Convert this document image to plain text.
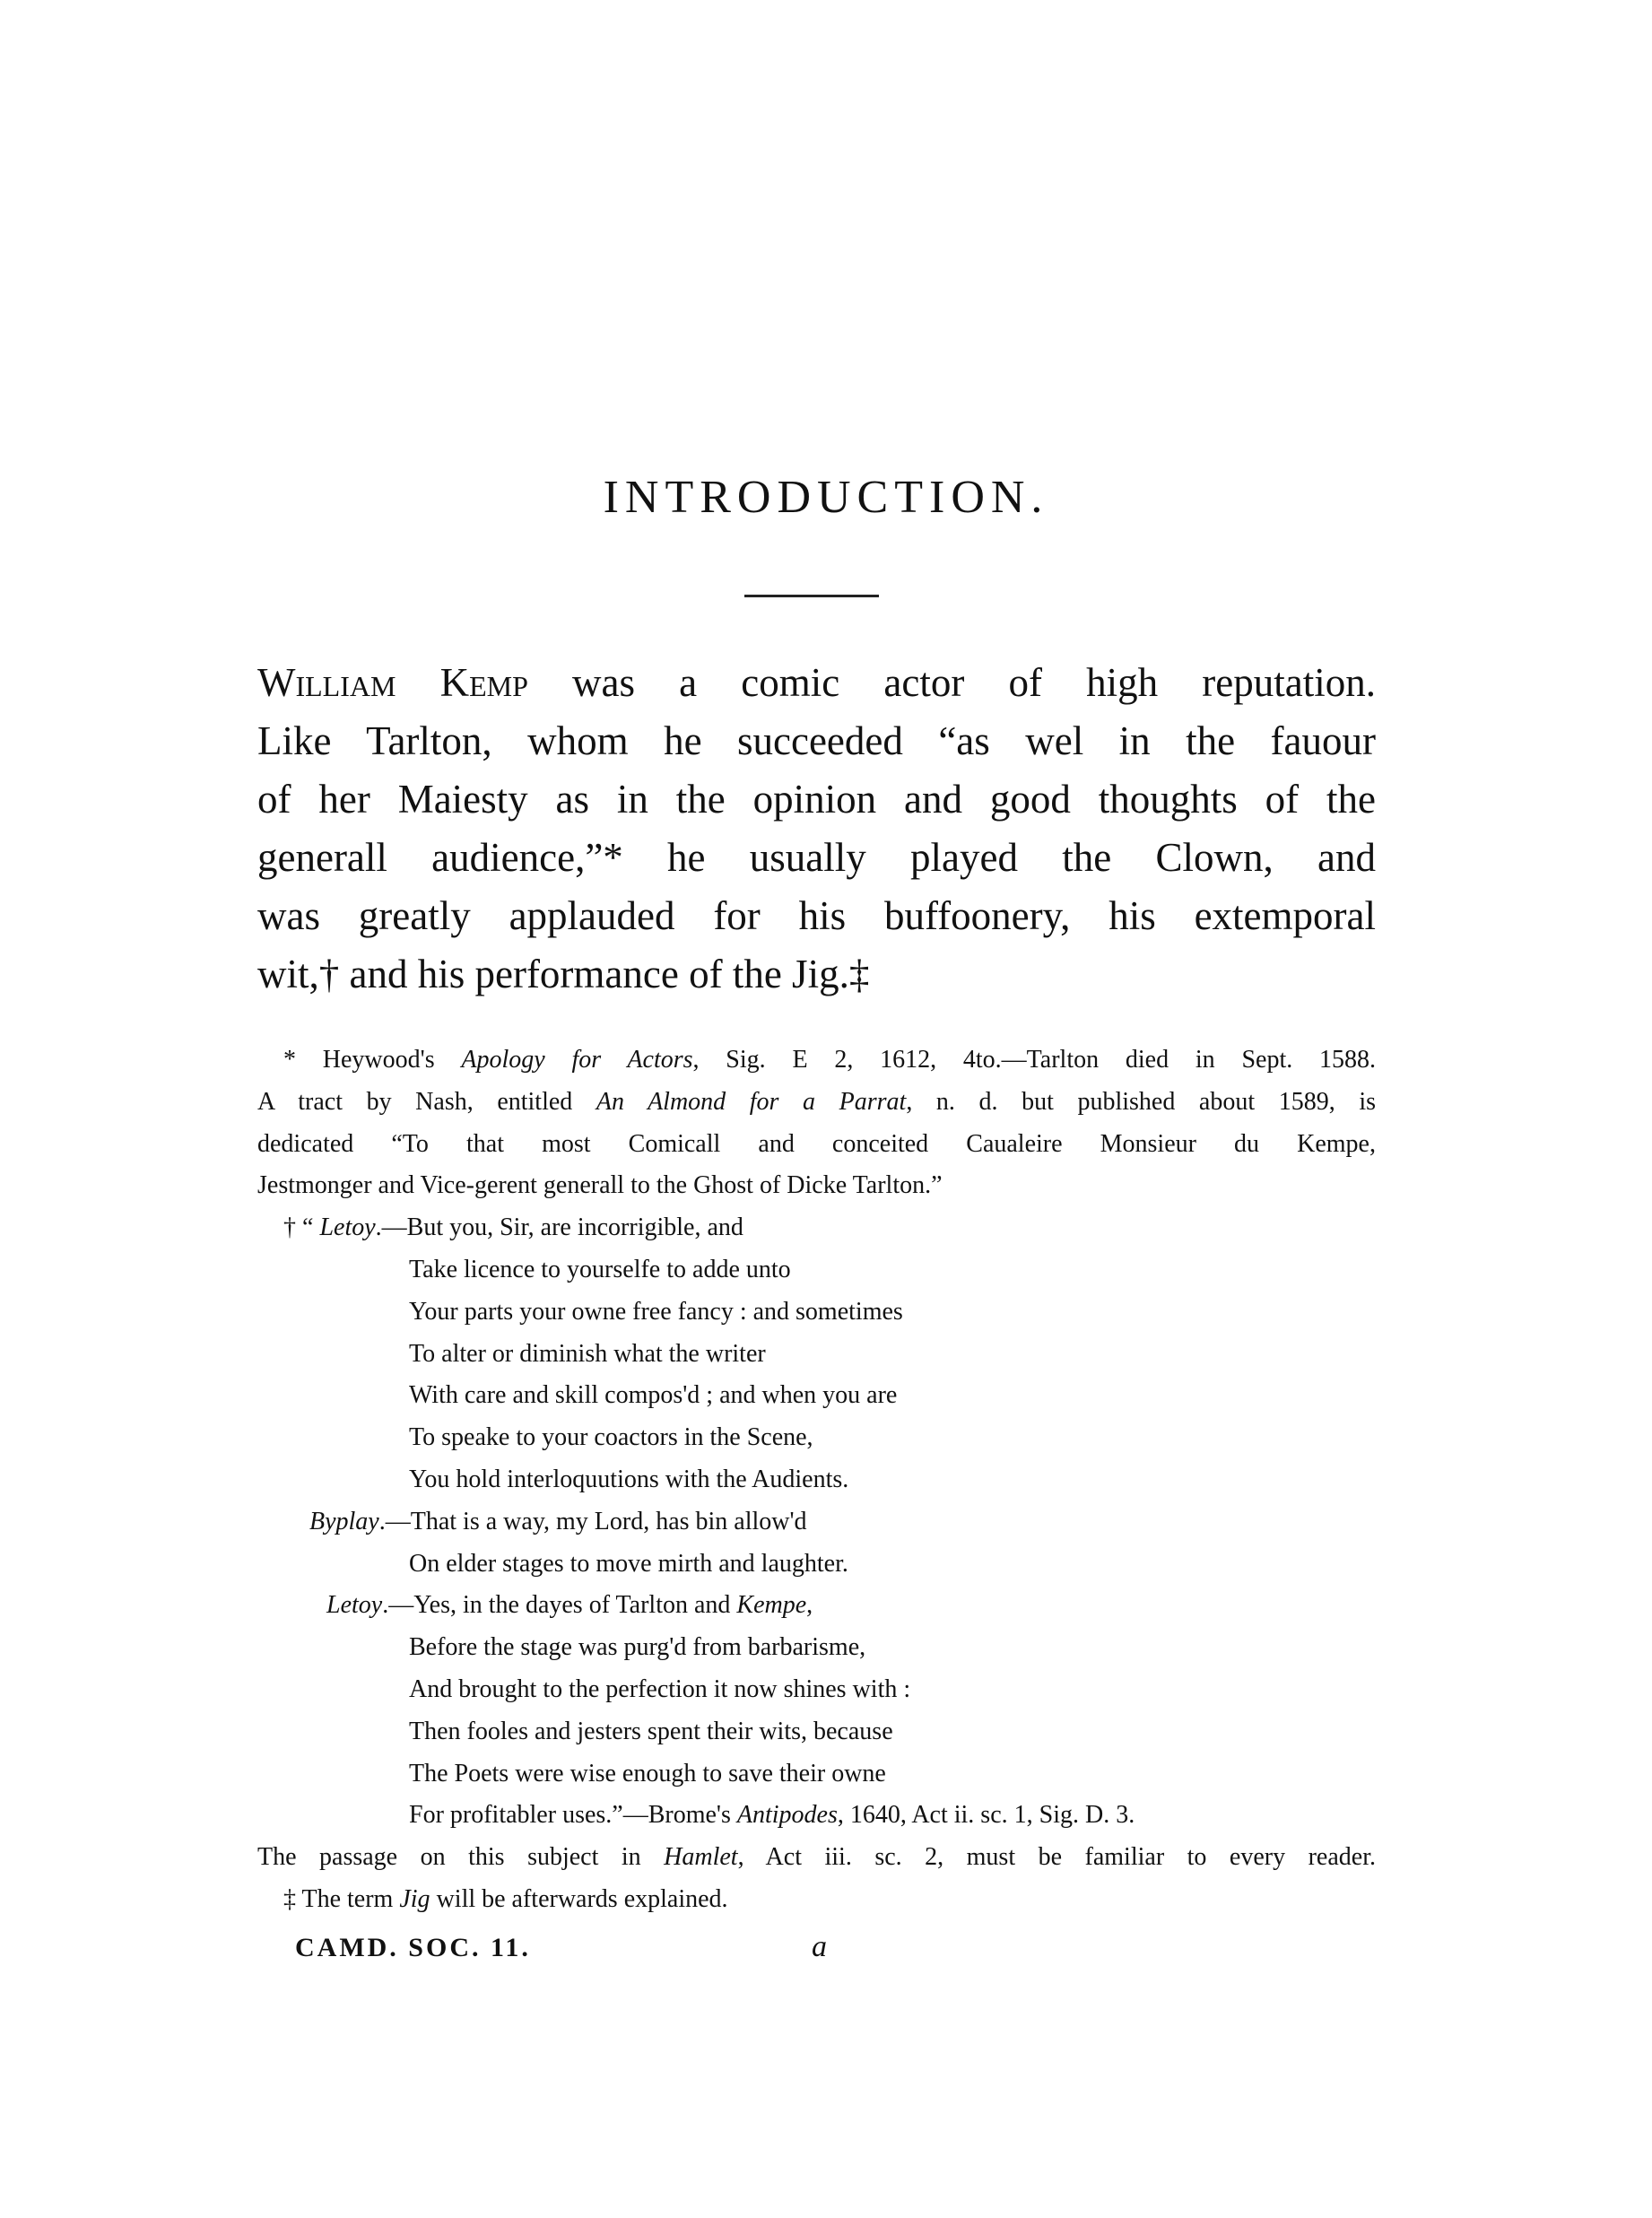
INTRODUCTION.
William Kemp was a comic actor of high reputation.
Like Tarlton, whom he succeeded “as wel in the fauour
of her Maiesty as in the opinion and good thoughts of the
generall audience,”* he usually played the Clown, and
was greatly applauded for his buffoonery, his extemporal
wit,† and his performance of the Jig.‡
* Heywood's Apology for Actors, Sig. E 2, 1612, 4to.—Tarlton died in Sept. 1588.
A tract by Nash, entitled An Almond for a Parrat, n. d. but published about 1589, is
dedicated “To that most Comicall and conceited Caualeire Monsieur du Kempe,
Jestmonger and Vice-gerent generall to the Ghost of Dicke Tarlton.”
† “ Letoy.—But you, Sir, are incorrigible, and
Take licence to yourselfe to adde unto
Your parts your owne free fancy : and sometimes
To alter or diminish what the writer
With care and skill compos'd ; and when you are
To speake to your coactors in the Scene,
You hold interloquutions with the Audients.
Byplay.—That is a way, my Lord, has bin allow'd
On elder stages to move mirth and laughter.
Letoy.—Yes, in the dayes of Tarlton and Kempe,
Before the stage was purg'd from barbarisme,
And brought to the perfection it now shines with :
Then fooles and jesters spent their wits, because
The Poets were wise enough to save their owne
For profitabler uses.”—Brome's Antipodes, 1640, Act ii. sc. 1, Sig. D. 3.
The passage on this subject in Hamlet, Act iii. sc. 2, must be familiar to every reader.
‡ The term Jig will be afterwards explained.
CAMD. SOC. 11.	a
